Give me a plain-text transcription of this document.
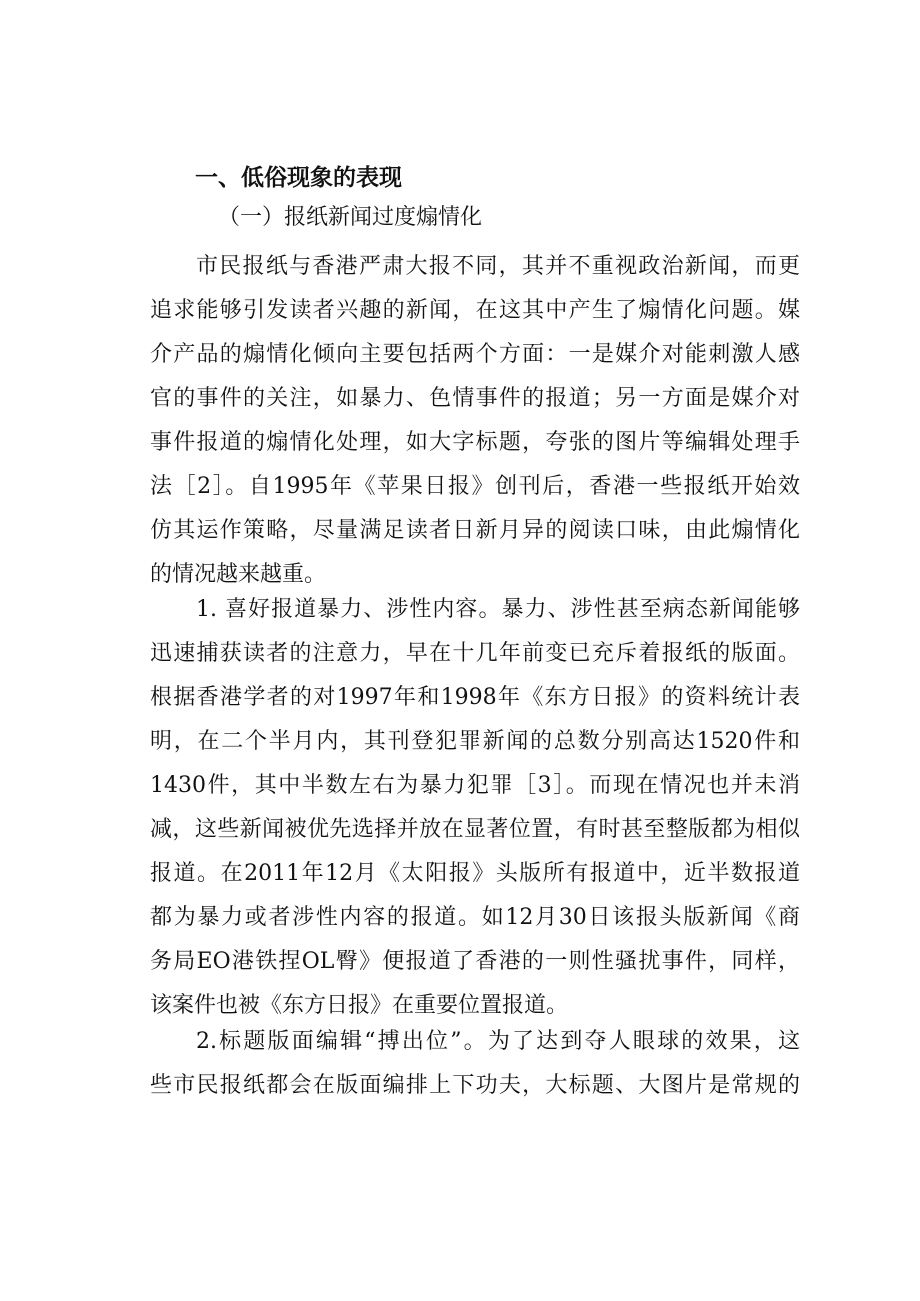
一、低俗现象的表现
（一）报纸新闻过度煽情化
市民报纸与香港严肃大报不同，其并不重视政治新闻，而更
追求能够引发读者兴趣的新闻，在这其中产生了煽情化问题。媒
介产品的煽情化倾向主要包括两个方面：一是媒介对能刺激人感
官的事件的关注，如暴力、色情事件的报道；另一方面是媒介对
事件报道的煽情化处理，如大字标题，夸张的图片等编辑处理手
法［2］。自1995年《苹果日报》创刊后，香港一些报纸开始效
仿其运作策略，尽量满足读者日新月异的阅读口味，由此煽情化
的情况越来越重。
1. 喜好报道暴力、涉性内容。暴力、涉性甚至病态新闻能够
迅速捕获读者的注意力，早在十几年前变已充斥着报纸的版面。
根据香港学者的对1997年和1998年《东方日报》的资料统计表
明，在二个半月内，其刊登犯罪新闻的总数分别高达1520件和
1430件，其中半数左右为暴力犯罪［3］。而现在情况也并未消
减，这些新闻被优先选择并放在显著位置，有时甚至整版都为相似
报道。在2011年12月《太阳报》头版所有报道中，近半数报道
都为暴力或者涉性内容的报道。如12月30日该报头版新闻《商
务局EO港铁捏OL臀》便报道了香港的一则性骚扰事件，同样，
该案件也被《东方日报》在重要位置报道。
2.标题版面编辑“搏出位”。为了达到夺人眼球的效果，这
些市民报纸都会在版面编排上下功夫，大标题、大图片是常规的
